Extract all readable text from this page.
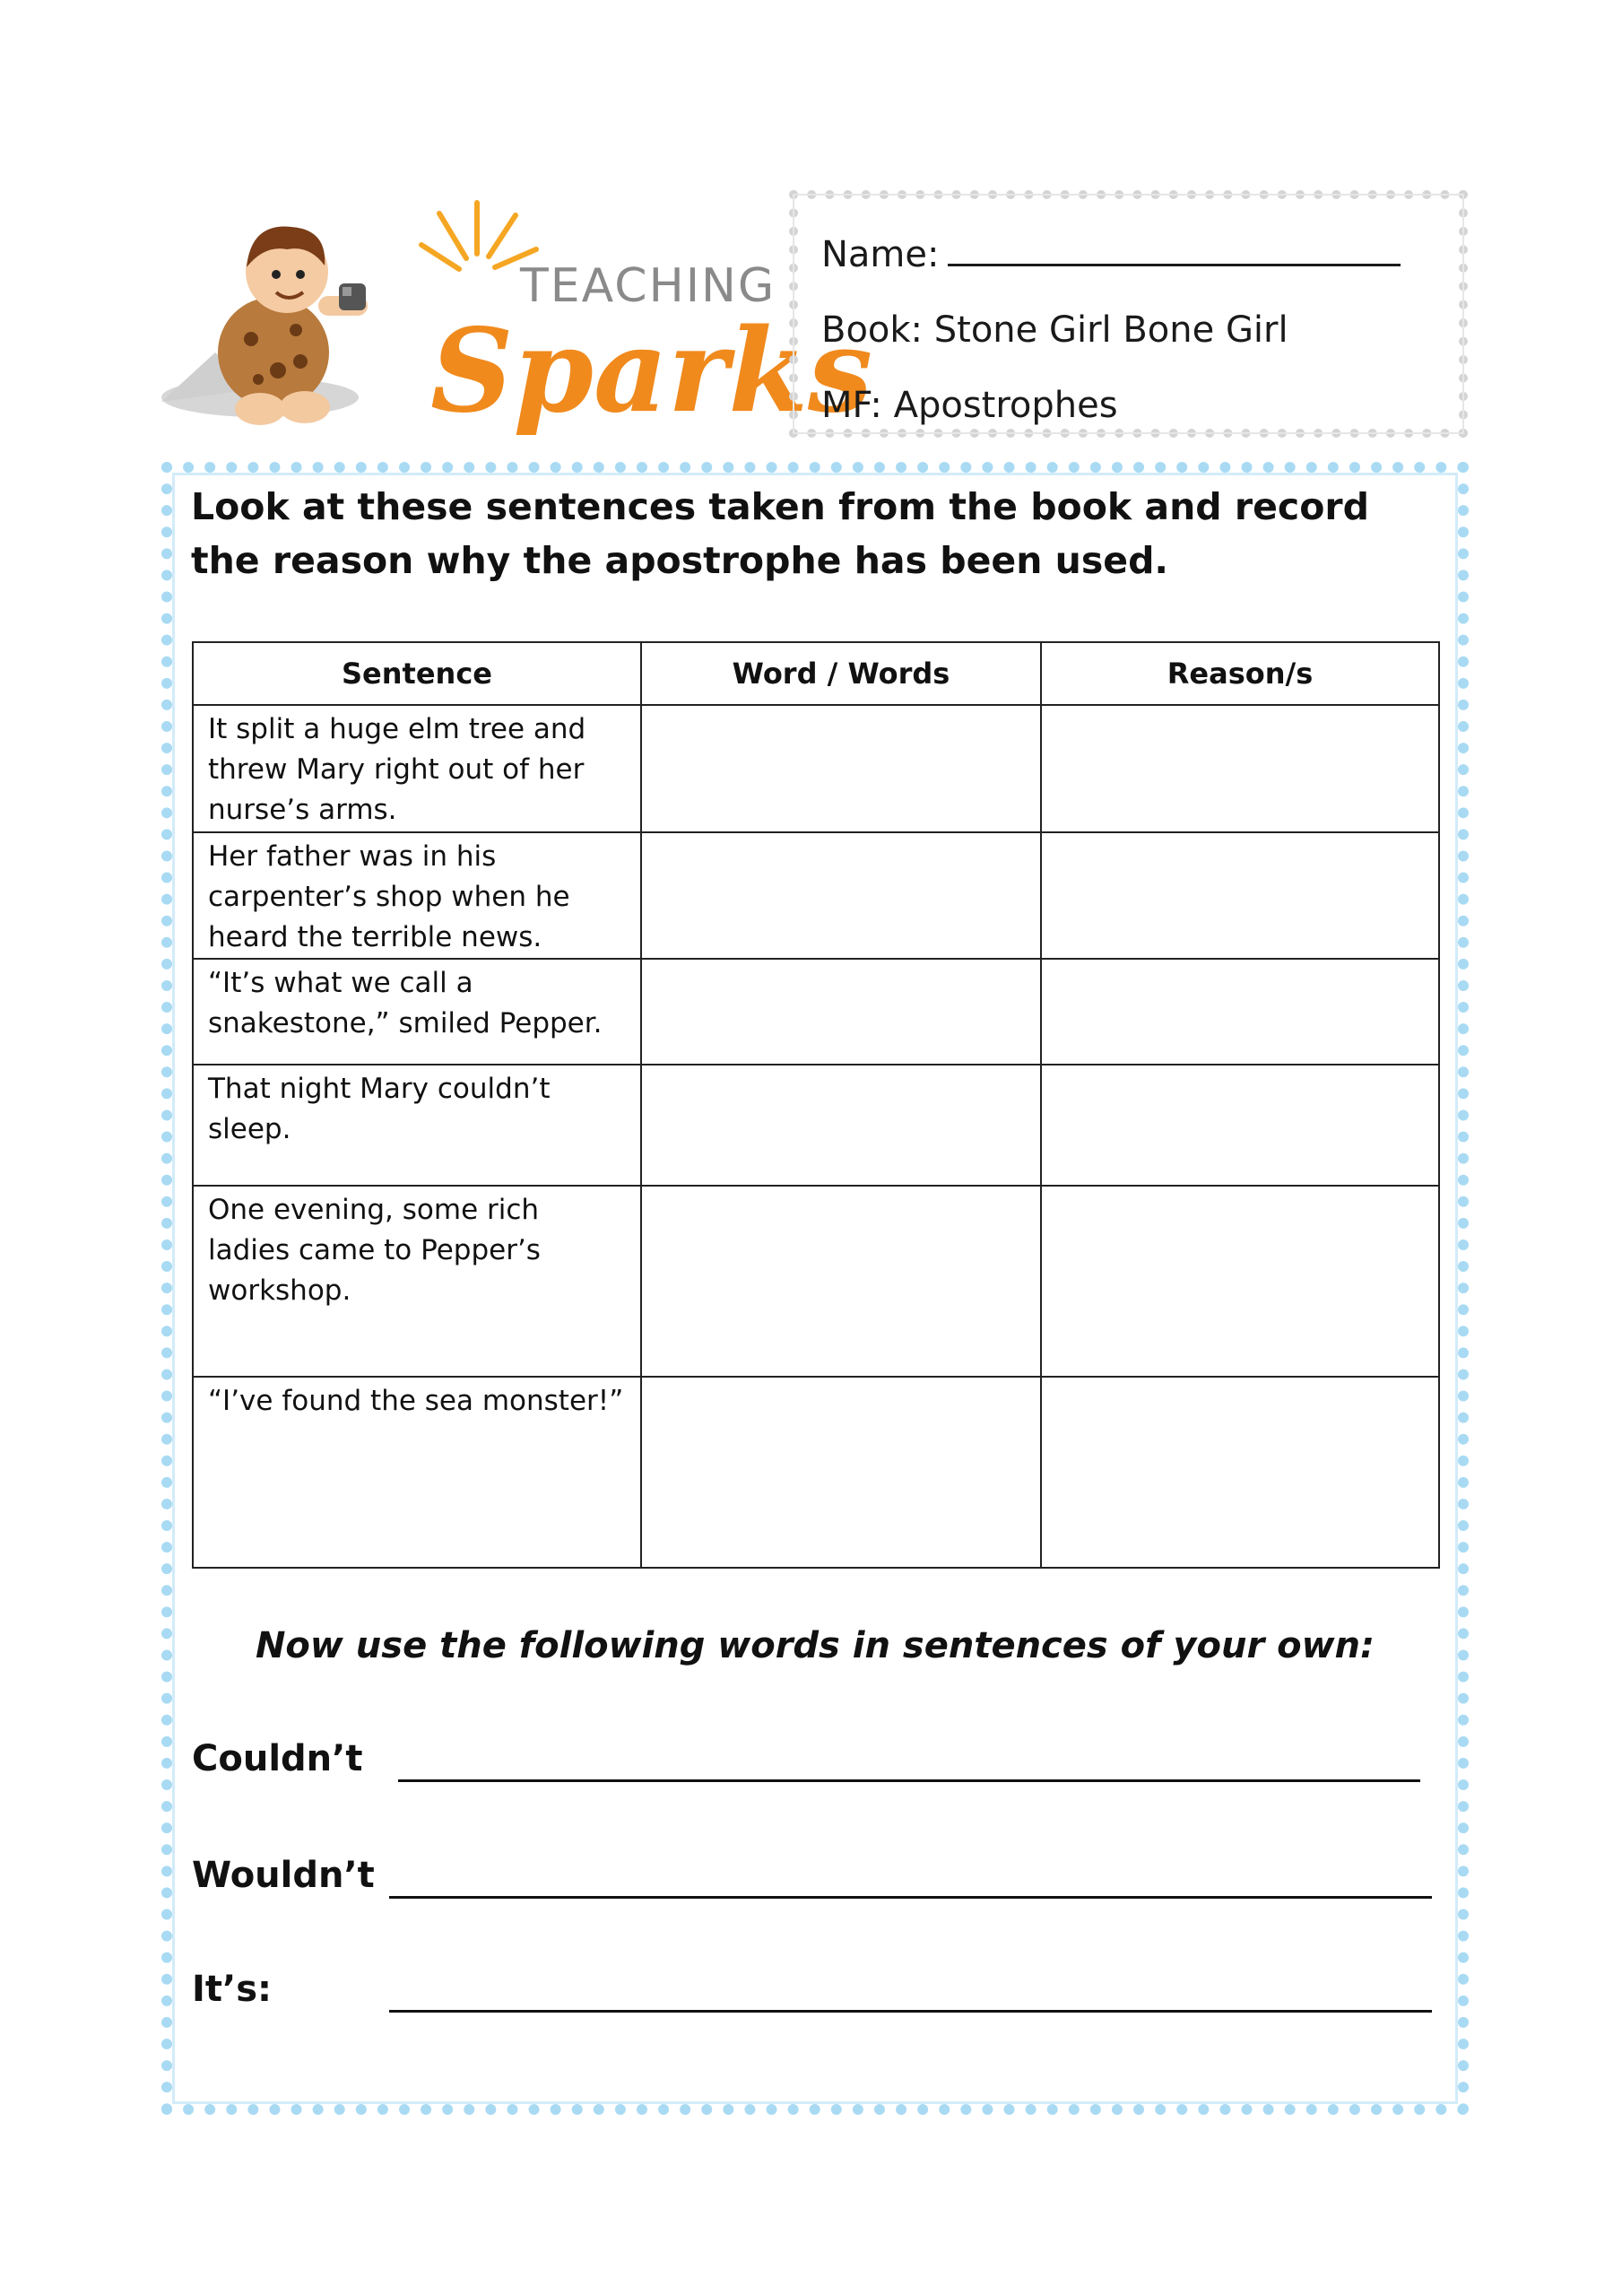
TEACHING
Sparks
Name:
Book: Stone Girl Bone Girl
MF: Apostrophes
Look at these sentences taken from the book and record the reason why the apostrophe has been used.
Sentence	Word / Words	Reason/s
It split a huge elm tree and threw Mary right out of her nurse’s arms.		
Her father was in his carpenter’s shop when he heard the terrible news.		
“It’s what we call a snakestone,” smiled Pepper.		
That night Mary couldn’t sleep.		
One evening, some rich ladies came to Pepper’s workshop.		
“I’ve found the sea monster!”		
Now use the following words in sentences of your own:
Couldn’t
Wouldn’t
It’s:
